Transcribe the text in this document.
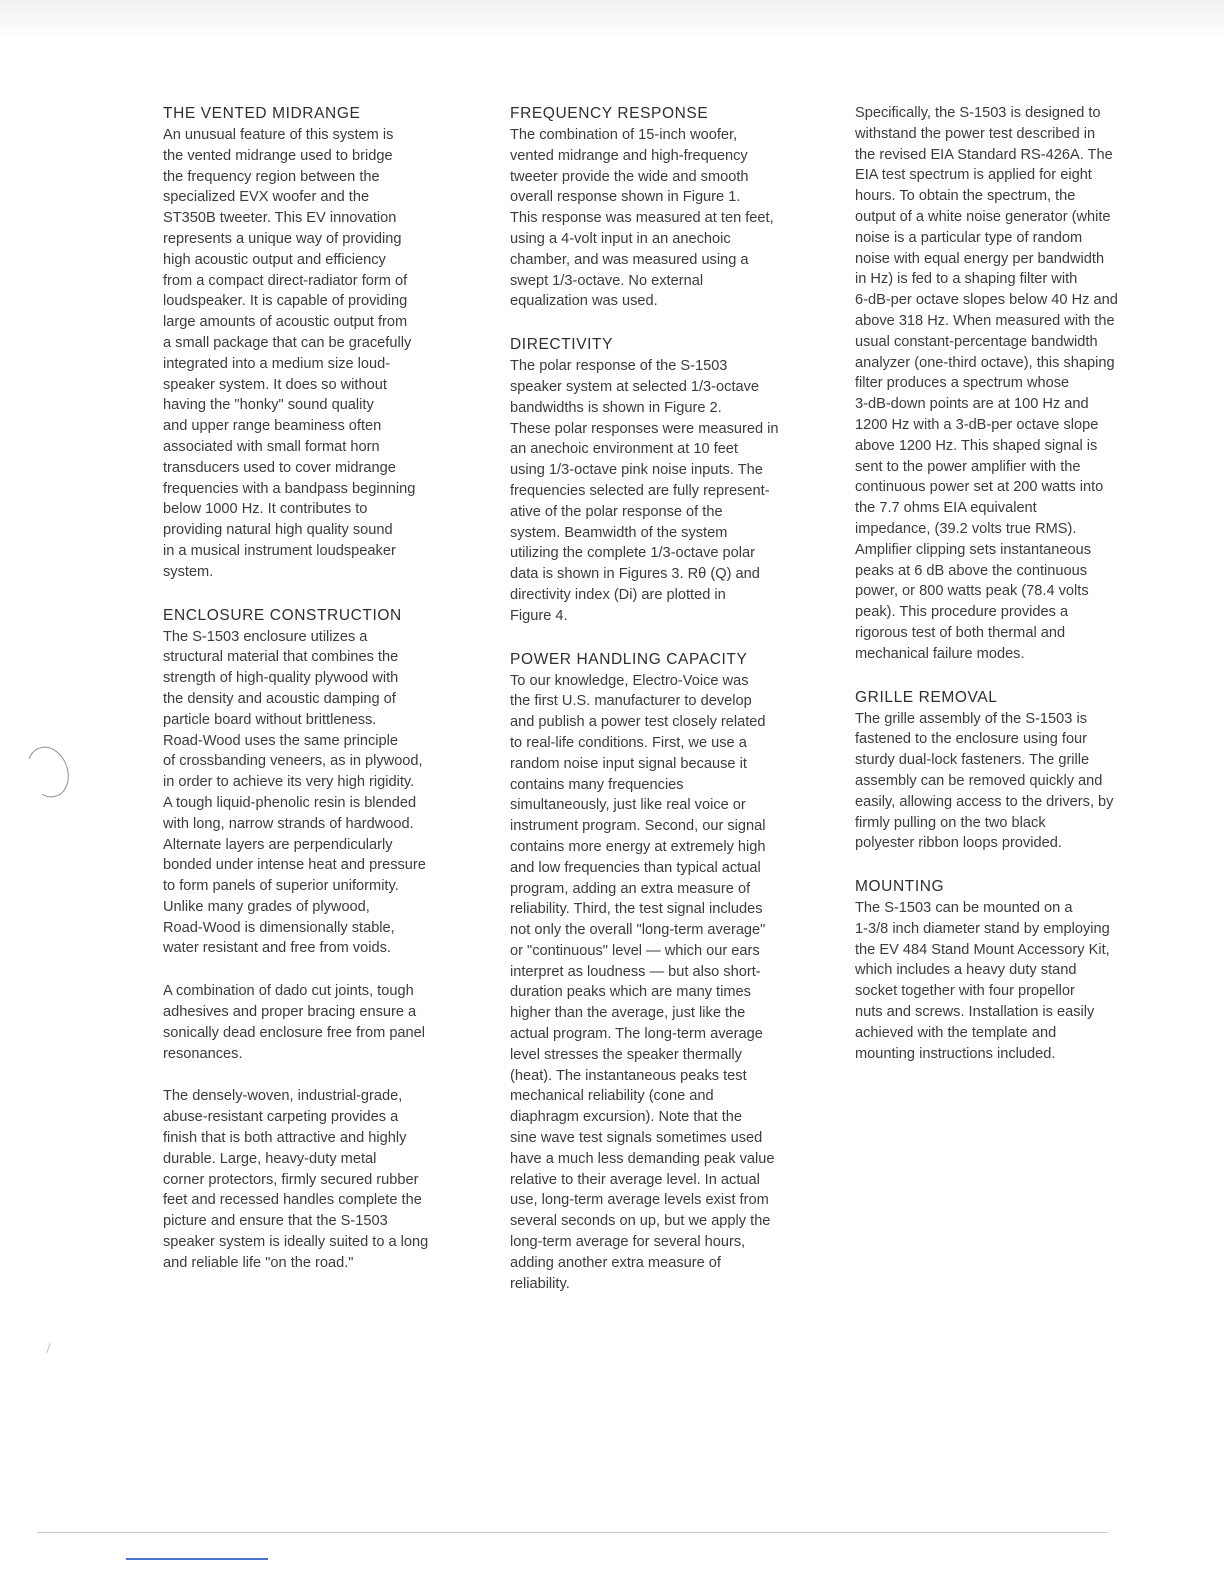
THE VENTED MIDRANGE

An unusual feature of this system is
the vented midrange used to bridge
the frequency region between the
specialized EVX woofer and the
ST350B tweeter. This EV innovation
represents a unique way of providing
high acoustic output and efficiency
from a compact direct-radiator form of
loudspeaker. It is capable of providing
large amounts of acoustic output from
a small package that can be gracefully
integrated into a medium size loud-
speaker system. It does so without
having the "honky" sound quality
and upper range beaminess often
associated with small format horn
transducers used to cover midrange
frequencies with a bandpass beginning
below 1000 Hz. It contributes to
providing natural high quality sound
in a musical instrument loudspeaker
system.

ENCLOSURE CONSTRUCTION

The S-1503 enclosure utilizes a
structural material that combines the
strength of high-quality plywood with
the density and acoustic damping of
particle board without brittleness.
Road-Wood uses the same principle
of crossbanding veneers, as in plywood,
in order to achieve its very high rigidity.
A tough liquid-phenolic resin is blended
with long, narrow strands of hardwood.
Alternate layers are perpendicularly
bonded under intense heat and pressure
to form panels of superior uniformity.
Unlike many grades of plywood,
Road-Wood is dimensionally stable,
water resistant and free from voids.

A combination of dado cut joints, tough
adhesives and proper bracing ensure a
sonically dead enclosure free from panel
resonances.

The densely-woven, industrial-grade,
abuse-resistant carpeting provides a
finish that is both attractive and highly
durable. Large, heavy-duty metal
corner protectors, firmly secured rubber
feet and recessed handles complete the
picture and ensure that the S-1503
speaker system is ideally suited to a long
and reliable life "on the road."

FREQUENCY RESPONSE

The combination of 15-inch woofer,
vented midrange and high-frequency
tweeter provide the wide and smooth
overall response shown in Figure 1.
This response was measured at ten feet,
using a 4-volt input in an anechoic
chamber, and was measured using a
swept 1/3-octave. No external
equalization was used.

DIRECTIVITY

The polar response of the S-1503
speaker system at selected 1/3-octave
bandwidths is shown in Figure 2.
These polar responses were measured in
an anechoic environment at 10 feet
using 1/3-octave pink noise inputs. The
frequencies selected are fully represent-
ative of the polar response of the
system. Beamwidth of the system
utilizing the complete 1/3-octave polar
data is shown in Figures 3. Rθ (Q) and
directivity index (Di) are plotted in
Figure 4.

POWER HANDLING CAPACITY

To our knowledge, Electro-Voice was
the first U.S. manufacturer to develop
and publish a power test closely related
to real-life conditions. First, we use a
random noise input signal because it
contains many frequencies
simultaneously, just like real voice or
instrument program. Second, our signal
contains more energy at extremely high
and low frequencies than typical actual
program, adding an extra measure of
reliability. Third, the test signal includes
not only the overall "long-term average"
or "continuous" level — which our ears
interpret as loudness — but also short-
duration peaks which are many times
higher than the average, just like the
actual program. The long-term average
level stresses the speaker thermally
(heat). The instantaneous peaks test
mechanical reliability (cone and
diaphragm excursion). Note that the
sine wave test signals sometimes used
have a much less demanding peak value
relative to their average level. In actual
use, long-term average levels exist from
several seconds on up, but we apply the
long-term average for several hours,
adding another extra measure of
reliability.

Specifically, the S-1503 is designed to
withstand the power test described in
the revised EIA Standard RS-426A. The
EIA test spectrum is applied for eight
hours. To obtain the spectrum, the
output of a white noise generator (white
noise is a particular type of random
noise with equal energy per bandwidth
in Hz) is fed to a shaping filter with
6-dB-per octave slopes below 40 Hz and
above 318 Hz. When measured with the
usual constant-percentage bandwidth
analyzer (one-third octave), this shaping
filter produces a spectrum whose
3-dB-down points are at 100 Hz and
1200 Hz with a 3-dB-per octave slope
above 1200 Hz. This shaped signal is
sent to the power amplifier with the
continuous power set at 200 watts into
the 7.7 ohms EIA equivalent
impedance, (39.2 volts true RMS).
Amplifier clipping sets instantaneous
peaks at 6 dB above the continuous
power, or 800 watts peak (78.4 volts
peak). This procedure provides a
rigorous test of both thermal and
mechanical failure modes.

GRILLE REMOVAL

The grille assembly of the S-1503 is
fastened to the enclosure using four
sturdy dual-lock fasteners. The grille
assembly can be removed quickly and
easily, allowing access to the drivers, by
firmly pulling on the two black
polyester ribbon loops provided.

MOUNTING

The S-1503 can be mounted on a
1-3/8 inch diameter stand by employing
the EV 484 Stand Mount Accessory Kit,
which includes a heavy duty stand
socket together with four propellor
nuts and screws. Installation is easily
achieved with the template and
mounting instructions included.
